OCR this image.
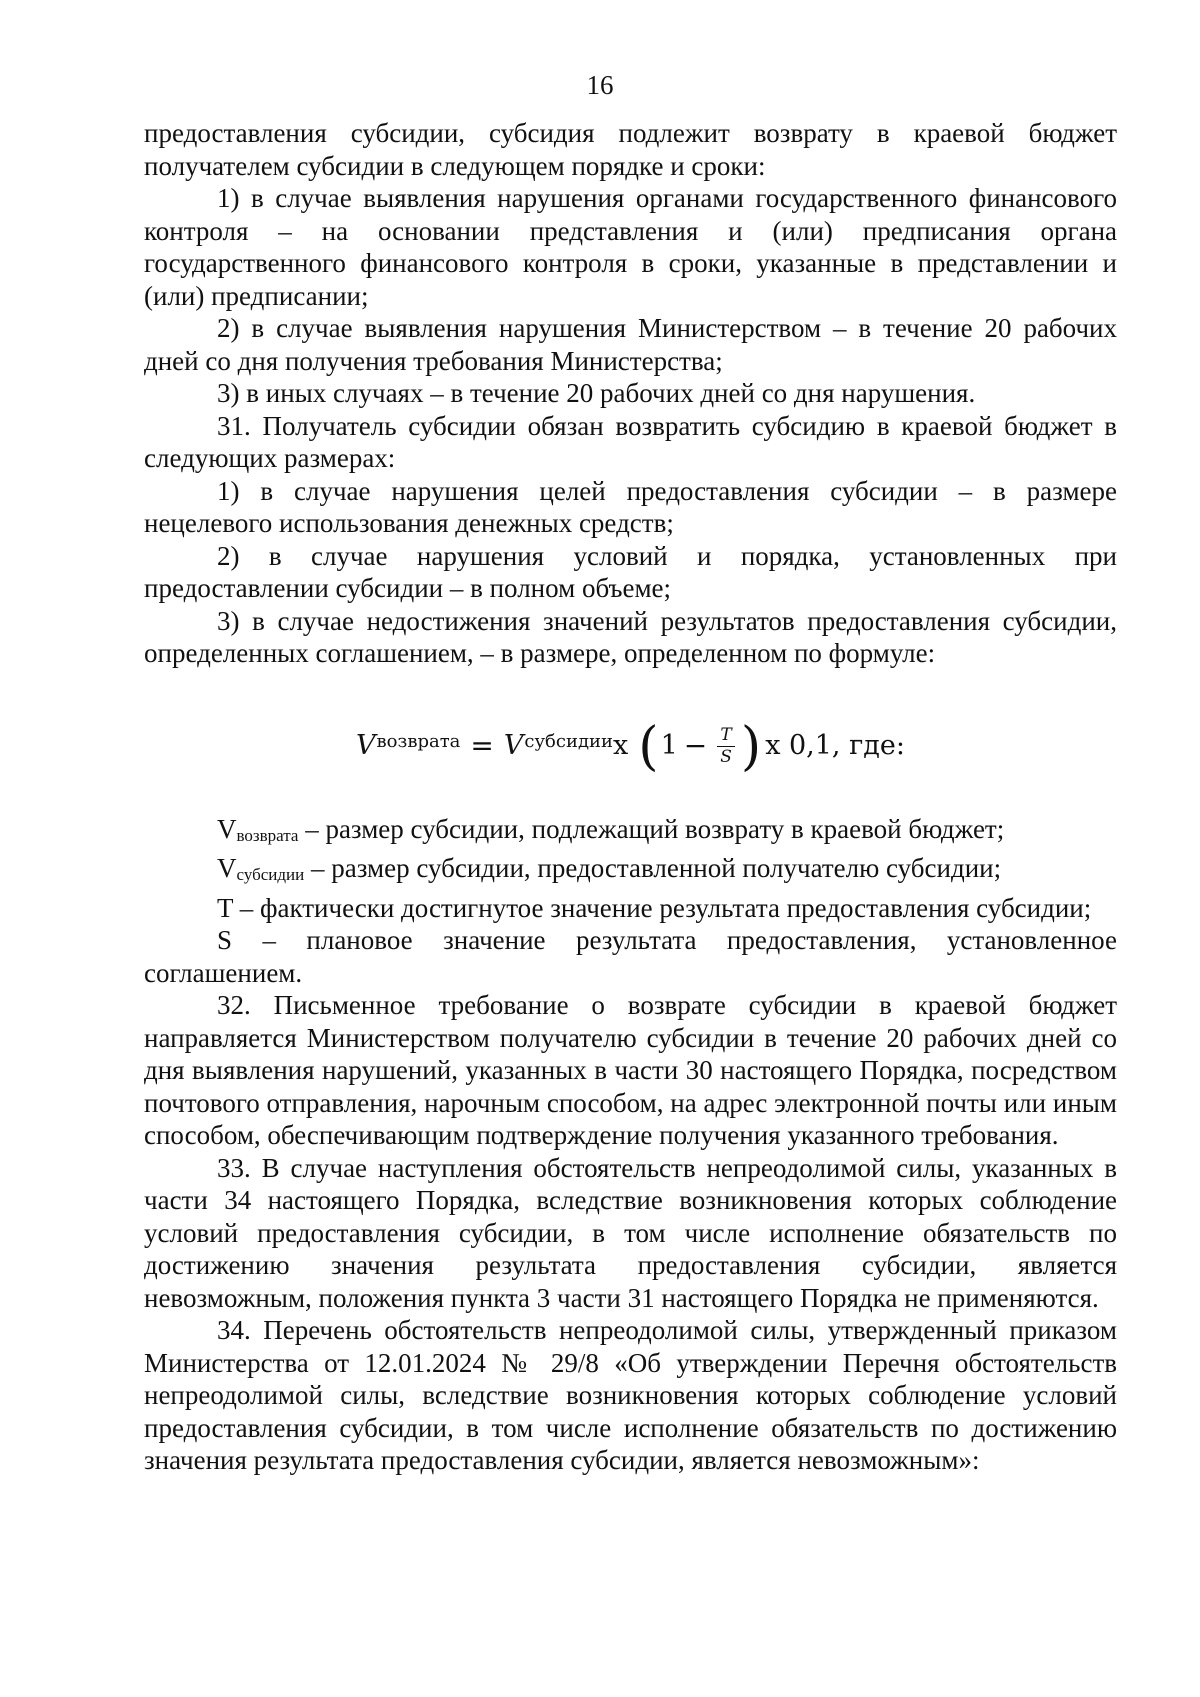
16

предоставления субсидии, субсидия подлежит возврату в краевой бюджет получателем субсидии в следующем порядке и сроки:

1) в случае выявления нарушения органами государственного финансового контроля – на основании представления и (или) предписания органа государственного финансового контроля в сроки, указанные в представлении и (или) предписании;

2) в случае выявления нарушения Министерством – в течение 20 рабочих дней со дня получения требования Министерства;

3) в иных случаях – в течение 20 рабочих дней со дня нарушения.

31. Получатель субсидии обязан возвратить субсидию в краевой бюджет в следующих размерах:

1) в случае нарушения целей предоставления субсидии – в размере нецелевого использования денежных средств;

2) в случае нарушения условий и порядка, установленных при предоставлении субсидии – в полном объеме;

3) в случае недостижения значений результатов предоставления субсидии, определенных соглашением, – в размере, определенном по формуле:

V возврата = V субсидии x ( $1 - \frac{T}{S}$ ) x 0,1, где:

Vвозврата – размер субсидии, подлежащий возврату в краевой бюджет;

Vсубсидии – размер субсидии, предоставленной получателю субсидии;

T – фактически достигнутое значение результата предоставления субсидии;

S – плановое значение результата предоставления, установленное соглашением.

32. Письменное требование о возврате субсидии в краевой бюджет направляется Министерством получателю субсидии в течение 20 рабочих дней со дня выявления нарушений, указанных в части 30 настоящего Порядка, посредством почтового отправления, нарочным способом, на адрес электронной почты или иным способом, обеспечивающим подтверждение получения указанного требования.

33. В случае наступления обстоятельств непреодолимой силы, указанных в части 34 настоящего Порядка, вследствие возникновения которых соблюдение условий предоставления субсидии, в том числе исполнение обязательств по достижению значения результата предоставления субсидии, является невозможным, положения пункта 3 части 31 настоящего Порядка не применяются.

34. Перечень обстоятельств непреодолимой силы, утвержденный приказом Министерства от 12.01.2024 № 29/8 «Об утверждении Перечня обстоятельств непреодолимой силы, вследствие возникновения которых соблюдение условий предоставления субсидии, в том числе исполнение обязательств по достижению значения результата предоставления субсидии, является невозможным»:
